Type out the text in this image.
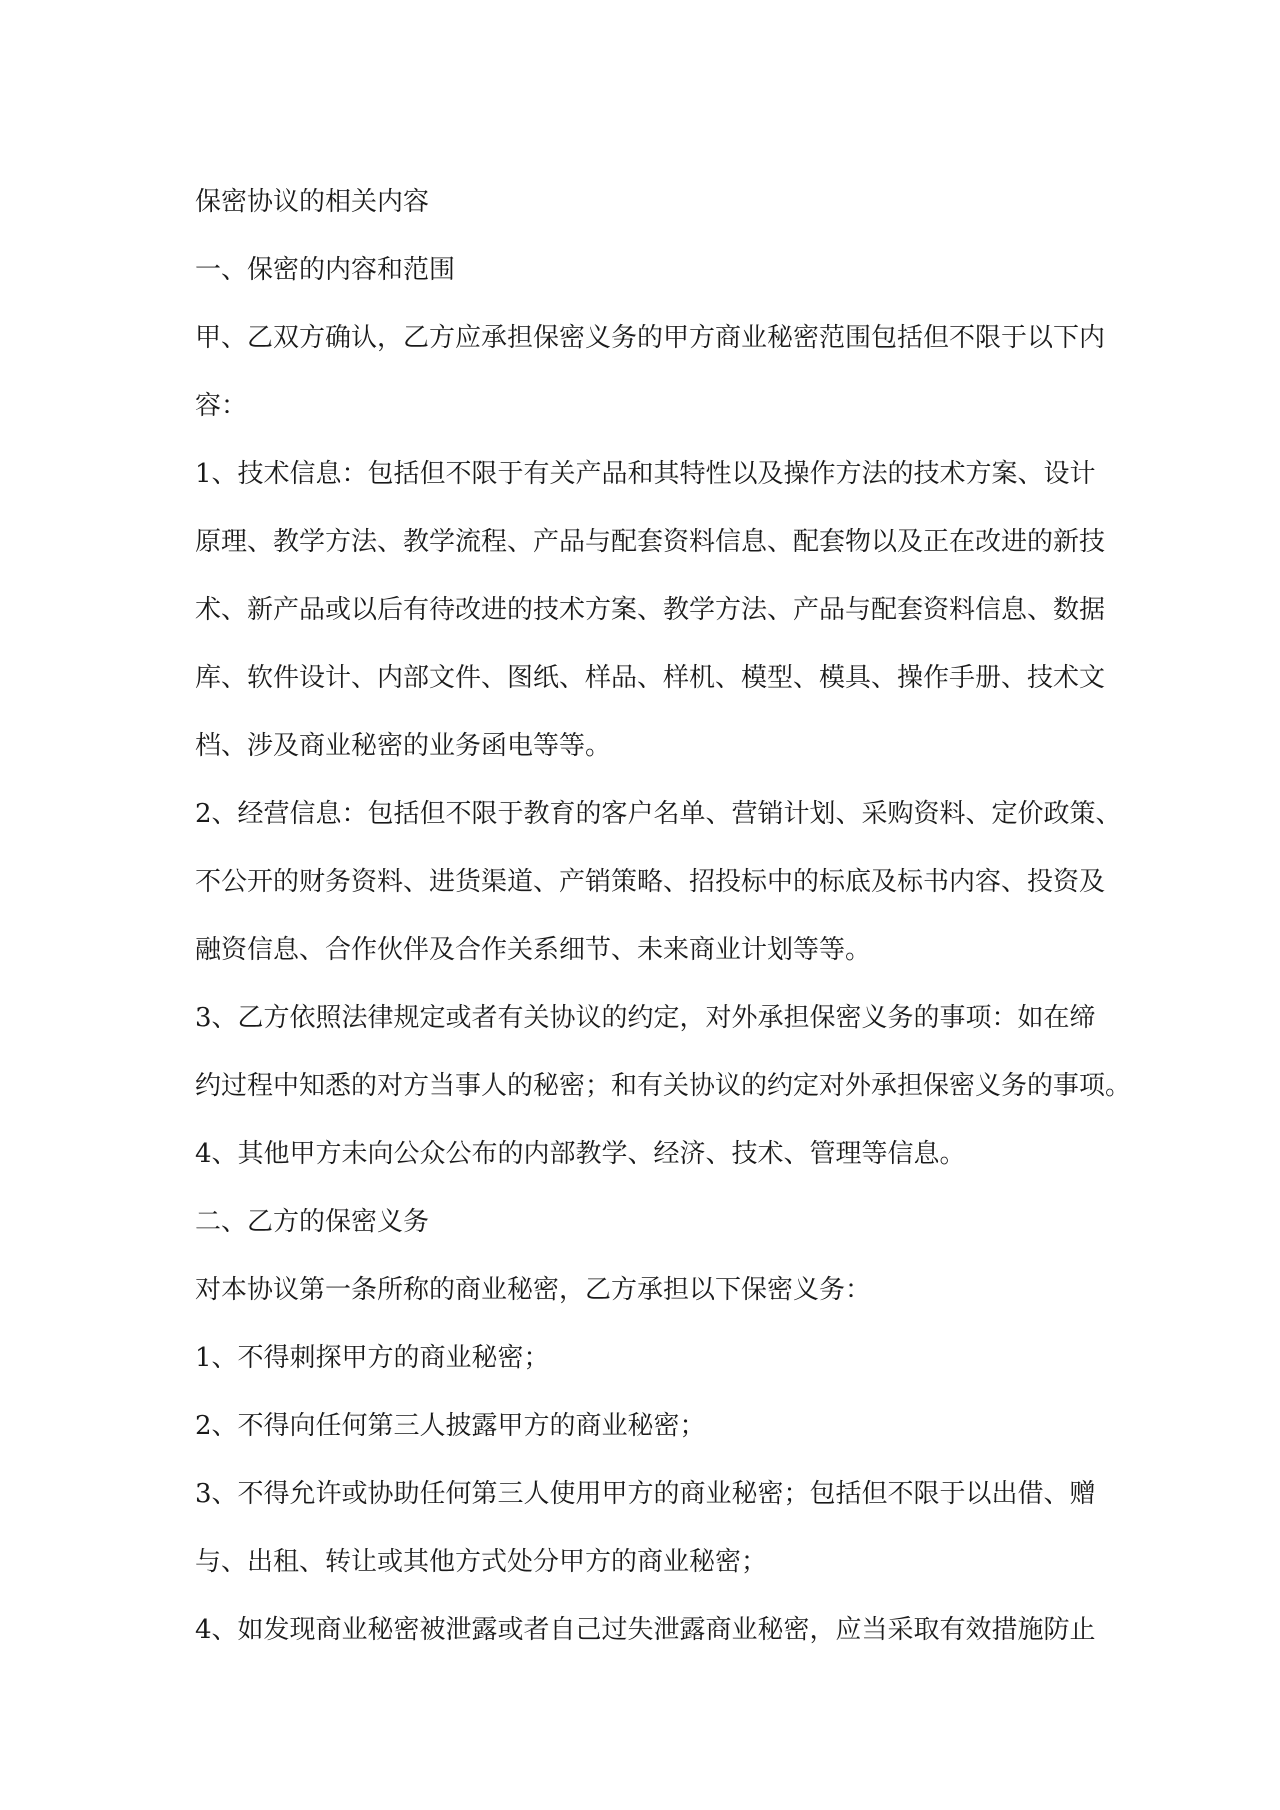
保密协议的相关内容

一、保密的内容和范围

甲、乙双方确认，乙方应承担保密义务的甲方商业秘密范围包括但不限于以下内

容：

1、技术信息：包括但不限于有关产品和其特性以及操作方法的技术方案、设计

原理、教学方法、教学流程、产品与配套资料信息、配套物以及正在改进的新技

术、新产品或以后有待改进的技术方案、教学方法、产品与配套资料信息、数据

库、软件设计、内部文件、图纸、样品、样机、模型、模具、操作手册、技术文

档、涉及商业秘密的业务函电等等。

2、经营信息：包括但不限于教育的客户名单、营销计划、采购资料、定价政策、

不公开的财务资料、进货渠道、产销策略、招投标中的标底及标书内容、投资及

融资信息、合作伙伴及合作关系细节、未来商业计划等等。

3、乙方依照法律规定或者有关协议的约定，对外承担保密义务的事项：如在缔

约过程中知悉的对方当事人的秘密；和有关协议的约定对外承担保密义务的事项。

4、其他甲方未向公众公布的内部教学、经济、技术、管理等信息。

二、乙方的保密义务

对本协议第一条所称的商业秘密，乙方承担以下保密义务：

1、不得刺探甲方的商业秘密；

2、不得向任何第三人披露甲方的商业秘密；

3、不得允许或协助任何第三人使用甲方的商业秘密；包括但不限于以出借、赠

与、出租、转让或其他方式处分甲方的商业秘密；

4、如发现商业秘密被泄露或者自己过失泄露商业秘密，应当采取有效措施防止
